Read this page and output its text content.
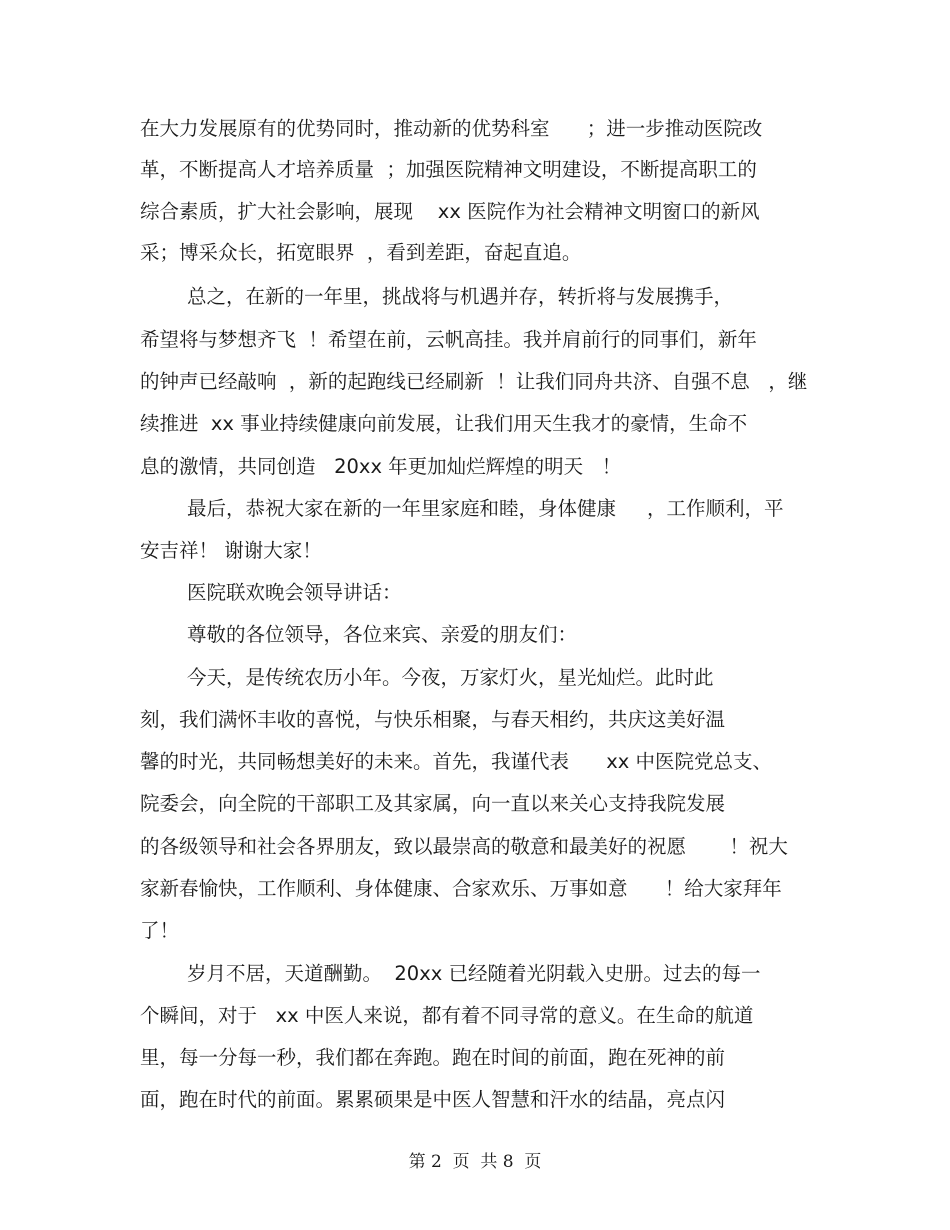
在大力发展原有的优势同时，推动新的优势科室      ；进一步推动医院改
革，不断提高人才培养质量  ；加强医院精神文明建设，不断提高职工的
综合素质，扩大社会影响，展现    xx 医院作为社会精神文明窗口的新风
采；博采众长，拓宽眼界  ，看到差距，奋起直追。
总之，在新的一年里，挑战将与机遇并存，转折将与发展携手，
希望将与梦想齐飞  ！希望在前，云帆高挂。我并肩前行的同事们，新年
的钟声已经敲响  ，新的起跑线已经刷新  ！让我们同舟共济、自强不息   ，继
续推进  xx 事业持续健康向前发展，让我们用天生我才的豪情，生命不
息的激情，共同创造   20xx 年更加灿烂辉煌的明天   ！
最后，恭祝大家在新的一年里家庭和睦，身体健康     ，工作顺利，平
安吉祥！ 谢谢大家！
医院联欢晚会领导讲话：
尊敬的各位领导，各位来宾、亲爱的朋友们：
今天，是传统农历小年。今夜，万家灯火，星光灿烂。此时此
刻，我们满怀丰收的喜悦，与快乐相聚，与春天相约，共庆这美好温
馨的时光，共同畅想美好的未来。首先，我谨代表      xx 中医院党总支、
院委会，向全院的干部职工及其家属，向一直以来关心支持我院发展
的各级领导和社会各界朋友，致以最崇高的敬意和最美好的祝愿       ！祝大
家新春愉快，工作顺利、身体健康、合家欢乐、万事如意      ！给大家拜年
了！
岁月不居，天道酬勤。  20xx 已经随着光阴载入史册。过去的每一
个瞬间，对于   xx 中医人来说，都有着不同寻常的意义。在生命的航道
里，每一分每一秒，我们都在奔跑。跑在时间的前面，跑在死神的前
面，跑在时代的前面。累累硕果是中医人智慧和汗水的结晶，亮点闪
第 2  页  共 8  页
